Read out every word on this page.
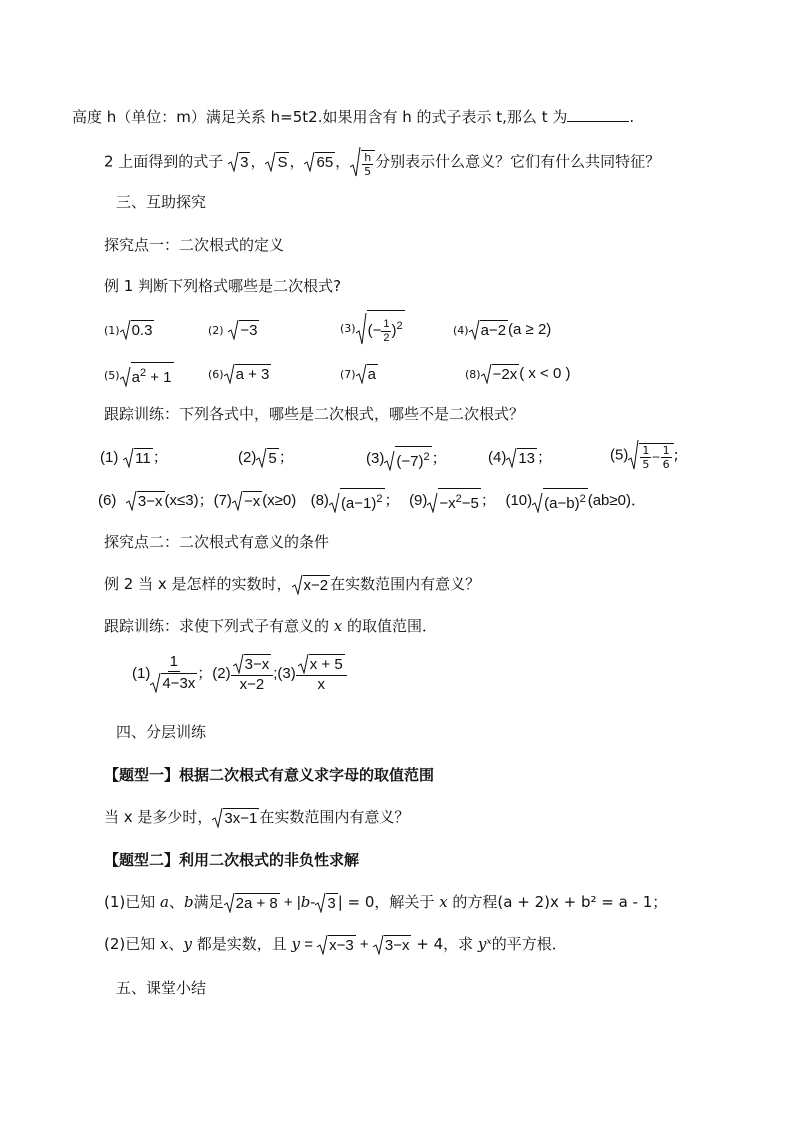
高度 h（单位：m）满足关系 h=5t2.如果用含有 h 的式子表示 t,那么 t 为	.
2 上面得到的式子 3 ， S ， 65 ， $\frac{h}{5}$ 分别表示什么意义？它们有什么共同特征？
三、互助探究
探究点一：二次根式的定义
例 1 判断下列格式哪些是二次根式?
(1) 0.3	(2) −3	(3) (− $\frac{1}{2} )^2$	(4) a−2 (a ≥ 2)
(5) $a^2 + 1$	(6) a + 3	(7) a	(8) −2x ( x < 0 )
跟踪训练：下列各式中，哪些是二次根式，哪些不是二次根式？
(1) 11 ；	(2) 5 ；	(3) $(-7)^2$ ；	(4) 13 ；	$(5) \frac{1}{5} - \frac{1}{6}$ ;
(6) 3−x (x≤3)；(7) −x (x≥0) (8) $(a-1)^2$ ； $(9) -x^2-5$ ； (10) $(a-b)^2$ (ab≥0)．
探究点二：二次根式有意义的条件
例 2 当 x 是怎样的实数时， x−2 在实数范围内有意义？
跟踪训练：求使下列式子有意义的 x 的取值范围．
$(1) \frac{1}{4-3x}$ ；$(2) \frac{3-x}{x-2}$ ;(3) $\frac{x + 5}{x}$
四、分层训练
【题型一】根据二次根式有意义求字母的取值范围
当 x 是多少时， 3x−1 在实数范围内有意义？
【题型二】利用二次根式的非负性求解
(1)已知 a、b满足 2a + 8 + |b- 3 | = 0，解关于 x 的方程(a + 2)x + b² = a - 1；
(2)已知 x、y 都是实数，且 y = x−3 + 3−x + 4，求 yˣ的平方根．
五、课堂小结
